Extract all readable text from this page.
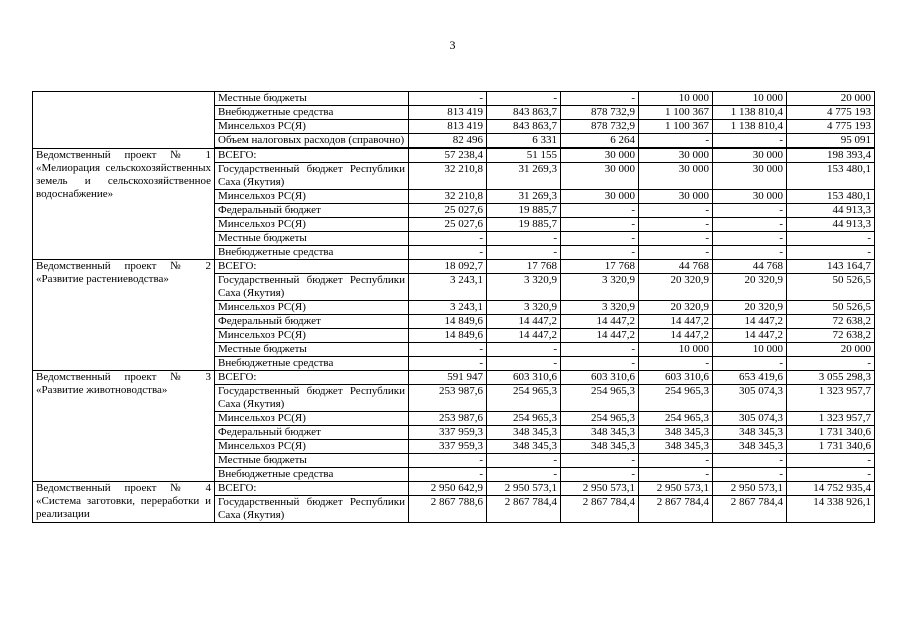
3
	Местные бюджеты	-	-	-	10 000	10 000	20 000
	Внебюджетные средства	813 419	843 863,7	878 732,9	1 100 367	1 138 810,4	4 775 193
	Минсельхоз РС(Я)	813 419	843 863,7	878 732,9	1 100 367	1 138 810,4	4 775 193
	Объем налоговых расходов (справочно)	82 496	6 331	6 264	-	-	95 091
Ведомственный проект № 1 «Мелиорация сельскохозяйственных земель и сельскохозяйственное водоснабжение»	ВСЕГО:	57 238,4	51 155	30 000	30 000	30 000	198 393,4
	Государственный бюджет Республики Саха (Якутия)	32 210,8	31 269,3	30 000	30 000	30 000	153 480,1
	Минсельхоз РС(Я)	32 210,8	31 269,3	30 000	30 000	30 000	153 480,1
	Федеральный бюджет	25 027,6	19 885,7	-	-	-	44 913,3
	Минсельхоз РС(Я)	25 027,6	19 885,7	-	-	-	44 913,3
	Местные бюджеты	-	-	-	-	-	-
	Внебюджетные средства	-	-	-	-	-	-
Ведомственный проект № 2 «Развитие растениеводства»	ВСЕГО:	18 092,7	17 768	17 768	44 768	44 768	143 164,7
	Государственный бюджет Республики Саха (Якутия)	3 243,1	3 320,9	3 320,9	20 320,9	20 320,9	50 526,5
	Минсельхоз РС(Я)	3 243,1	3 320,9	3 320,9	20 320,9	20 320,9	50 526,5
	Федеральный бюджет	14 849,6	14 447,2	14 447,2	14 447,2	14 447,2	72 638,2
	Минсельхоз РС(Я)	14 849,6	14 447,2	14 447,2	14 447,2	14 447,2	72 638,2
	Местные бюджеты	-	-	-	10 000	10 000	20 000
	Внебюджетные средства	-	-	-	-	-	-
Ведомственный проект № 3 «Развитие животноводства»	ВСЕГО:	591 947	603 310,6	603 310,6	603 310,6	653 419,6	3 055 298,3
	Государственный бюджет Республики Саха (Якутия)	253 987,6	254 965,3	254 965,3	254 965,3	305 074,3	1 323 957,7
	Минсельхоз РС(Я)	253 987,6	254 965,3	254 965,3	254 965,3	305 074,3	1 323 957,7
	Федеральный бюджет	337 959,3	348 345,3	348 345,3	348 345,3	348 345,3	1 731 340,6
	Минсельхоз РС(Я)	337 959,3	348 345,3	348 345,3	348 345,3	348 345,3	1 731 340,6
	Местные бюджеты	-	-	-	-	-	-
	Внебюджетные средства	-	-	-	-	-	-
Ведомственный проект № 4 «Система заготовки, переработки и реализации	ВСЕГО:	2 950 642,9	2 950 573,1	2 950 573,1	2 950 573,1	2 950 573,1	14 752 935,4
	Государственный бюджет Республики Саха (Якутия)	2 867 788,6	2 867 784,4	2 867 784,4	2 867 784,4	2 867 784,4	14 338 926,1
